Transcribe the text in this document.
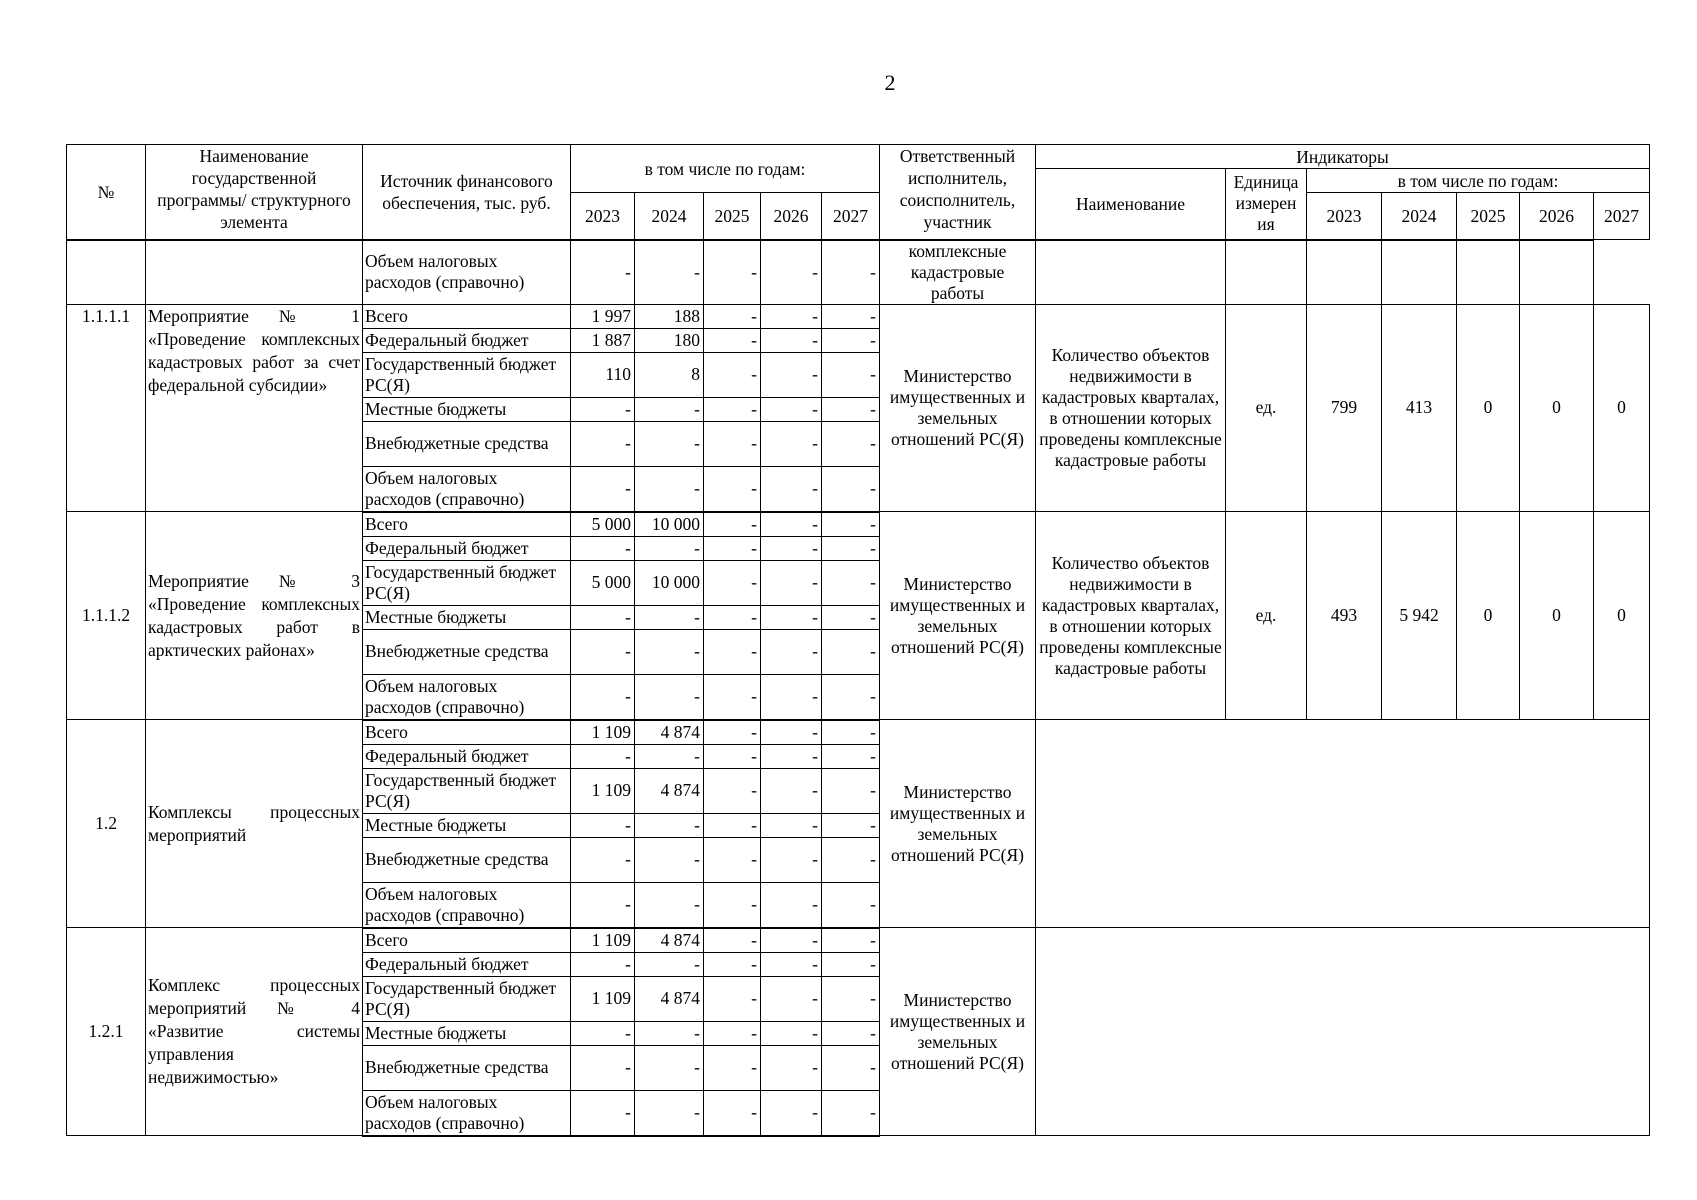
2
№	Наименование государственной программы/ структурного элемента	Источник финансового обеспечения, тыс. руб.	в том числе по годам:					Ответственный исполнитель, соисполнитель, участник	Индикаторы						
									Наименование	Единица измерен ия	в том числе по годам:				
			2023	2024	2025	2026	2027				2023	2024	2025	2026	2027
		Объем налоговых расходов (справочно)	-	-	-	-	-	комплексные кадастровые работы							
1.1.1.1	Мероприятие № 1 «Проведение комплексных кадастровых работ за счет федеральной субсидии»	Всего	1 997	188	-	-	-	Министерство имущественных и земельных отношений РС(Я)	Количество объектов недвижимости в кадастровых кварталах, в отношении которых проведены комплексные кадастровые работы	ед.	799	413	0	0	0
		Федеральный бюджет	1 887	180	-	-	-								
		Государственный бюджет РС(Я)	110	8	-	-	-								
		Местные бюджеты	-	-	-	-	-								
		Внебюджетные средства	-	-	-	-	-								
		Объем налоговых расходов (справочно)	-	-	-	-	-								
1.1.1.2	Мероприятие № 3 «Проведение комплексных кадастровых работ в арктических районах»	Всего	5 000	10 000	-	-	-	Министерство имущественных и земельных отношений РС(Я)	Количество объектов недвижимости в кадастровых кварталах, в отношении которых проведены комплексные кадастровые работы	ед.	493	5 942	0	0	0
		Федеральный бюджет	-	-	-	-	-								
		Государственный бюджет РС(Я)	5 000	10 000	-	-	-								
		Местные бюджеты	-	-	-	-	-								
		Внебюджетные средства	-	-	-	-	-								
		Объем налоговых расходов (справочно)	-	-	-	-	-								
1.2	Комплексы процессных мероприятий	Всего	1 109	4 874	-	-	-	Министерство имущественных и земельных отношений РС(Я)							
		Федеральный бюджет	-	-	-	-	-								
		Государственный бюджет РС(Я)	1 109	4 874	-	-	-								
		Местные бюджеты	-	-	-	-	-								
		Внебюджетные средства	-	-	-	-	-								
		Объем налоговых расходов (справочно)	-	-	-	-	-								
1.2.1	Комплекс процессных мероприятий № 4 «Развитие системы управления недвижимостью»	Всего	1 109	4 874	-	-	-	Министерство имущественных и земельных отношений РС(Я)							
		Федеральный бюджет	-	-	-	-	-								
		Государственный бюджет РС(Я)	1 109	4 874	-	-	-								
		Местные бюджеты	-	-	-	-	-								
		Внебюджетные средства	-	-	-	-	-								
		Объем налоговых расходов (справочно)	-	-	-	-	-								
